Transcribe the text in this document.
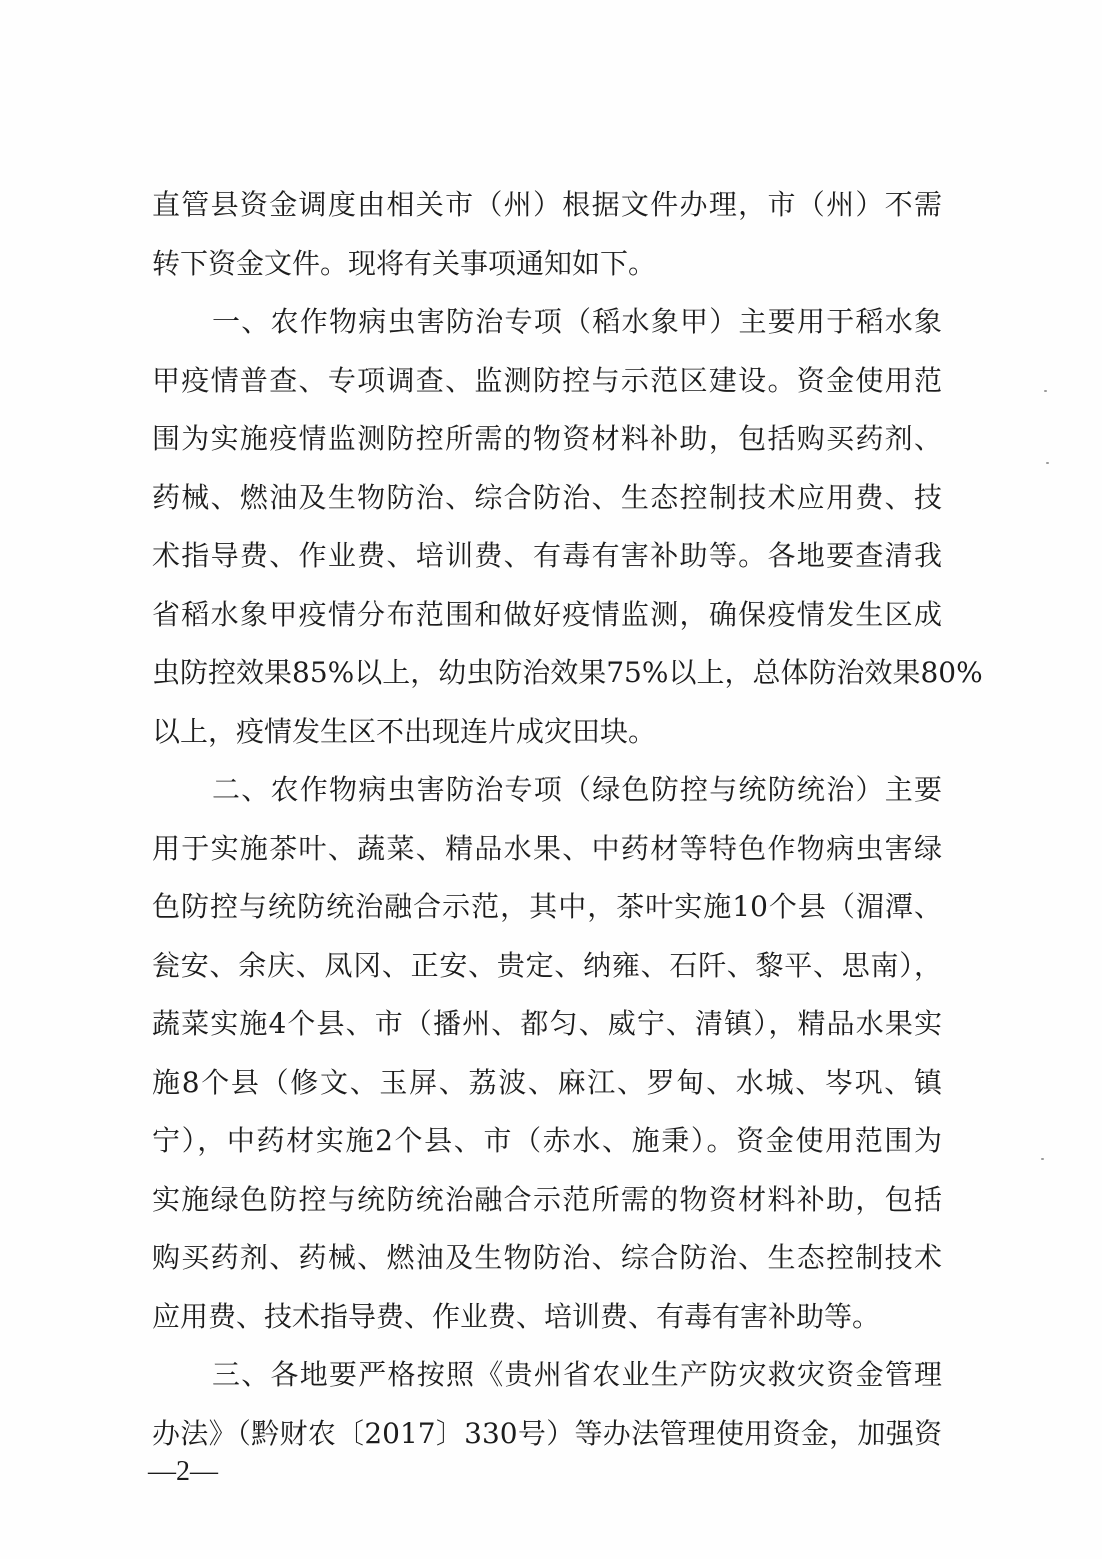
直管县资金调度由相关市（州）根据文件办理，市（州）不需
转下资金文件。现将有关事项通知如下。
一、农作物病虫害防治专项（稻水象甲）主要用于稻水象
甲疫情普查、专项调查、监测防控与示范区建设。资金使用范
围为实施疫情监测防控所需的物资材料补助，包括购买药剂、
药械、燃油及生物防治、综合防治、生态控制技术应用费、技
术指导费、作业费、培训费、有毒有害补助等。各地要查清我
省稻水象甲疫情分布范围和做好疫情监测，确保疫情发生区成
虫防控效果85%以上，幼虫防治效果75%以上，总体防治效果80%
以上，疫情发生区不出现连片成灾田块。
二、农作物病虫害防治专项（绿色防控与统防统治）主要
用于实施茶叶、蔬菜、精品水果、中药材等特色作物病虫害绿
色防控与统防统治融合示范，其中，茶叶实施10个县（湄潭、
瓮安、余庆、凤冈、正安、贵定、纳雍、石阡、黎平、思南），
蔬菜实施4个县、市（播州、都匀、威宁、清镇），精品水果实
施8个县（修文、玉屏、荔波、麻江、罗甸、水城、岑巩、镇
宁），中药材实施2个县、市（赤水、施秉）。资金使用范围为
实施绿色防控与统防统治融合示范所需的物资材料补助，包括
购买药剂、药械、燃油及生物防治、综合防治、生态控制技术
应用费、技术指导费、作业费、培训费、有毒有害补助等。
三、各地要严格按照《贵州省农业生产防灾救灾资金管理
办法》（黔财农〔2017〕330号）等办法管理使用资金，加强资
—2—
